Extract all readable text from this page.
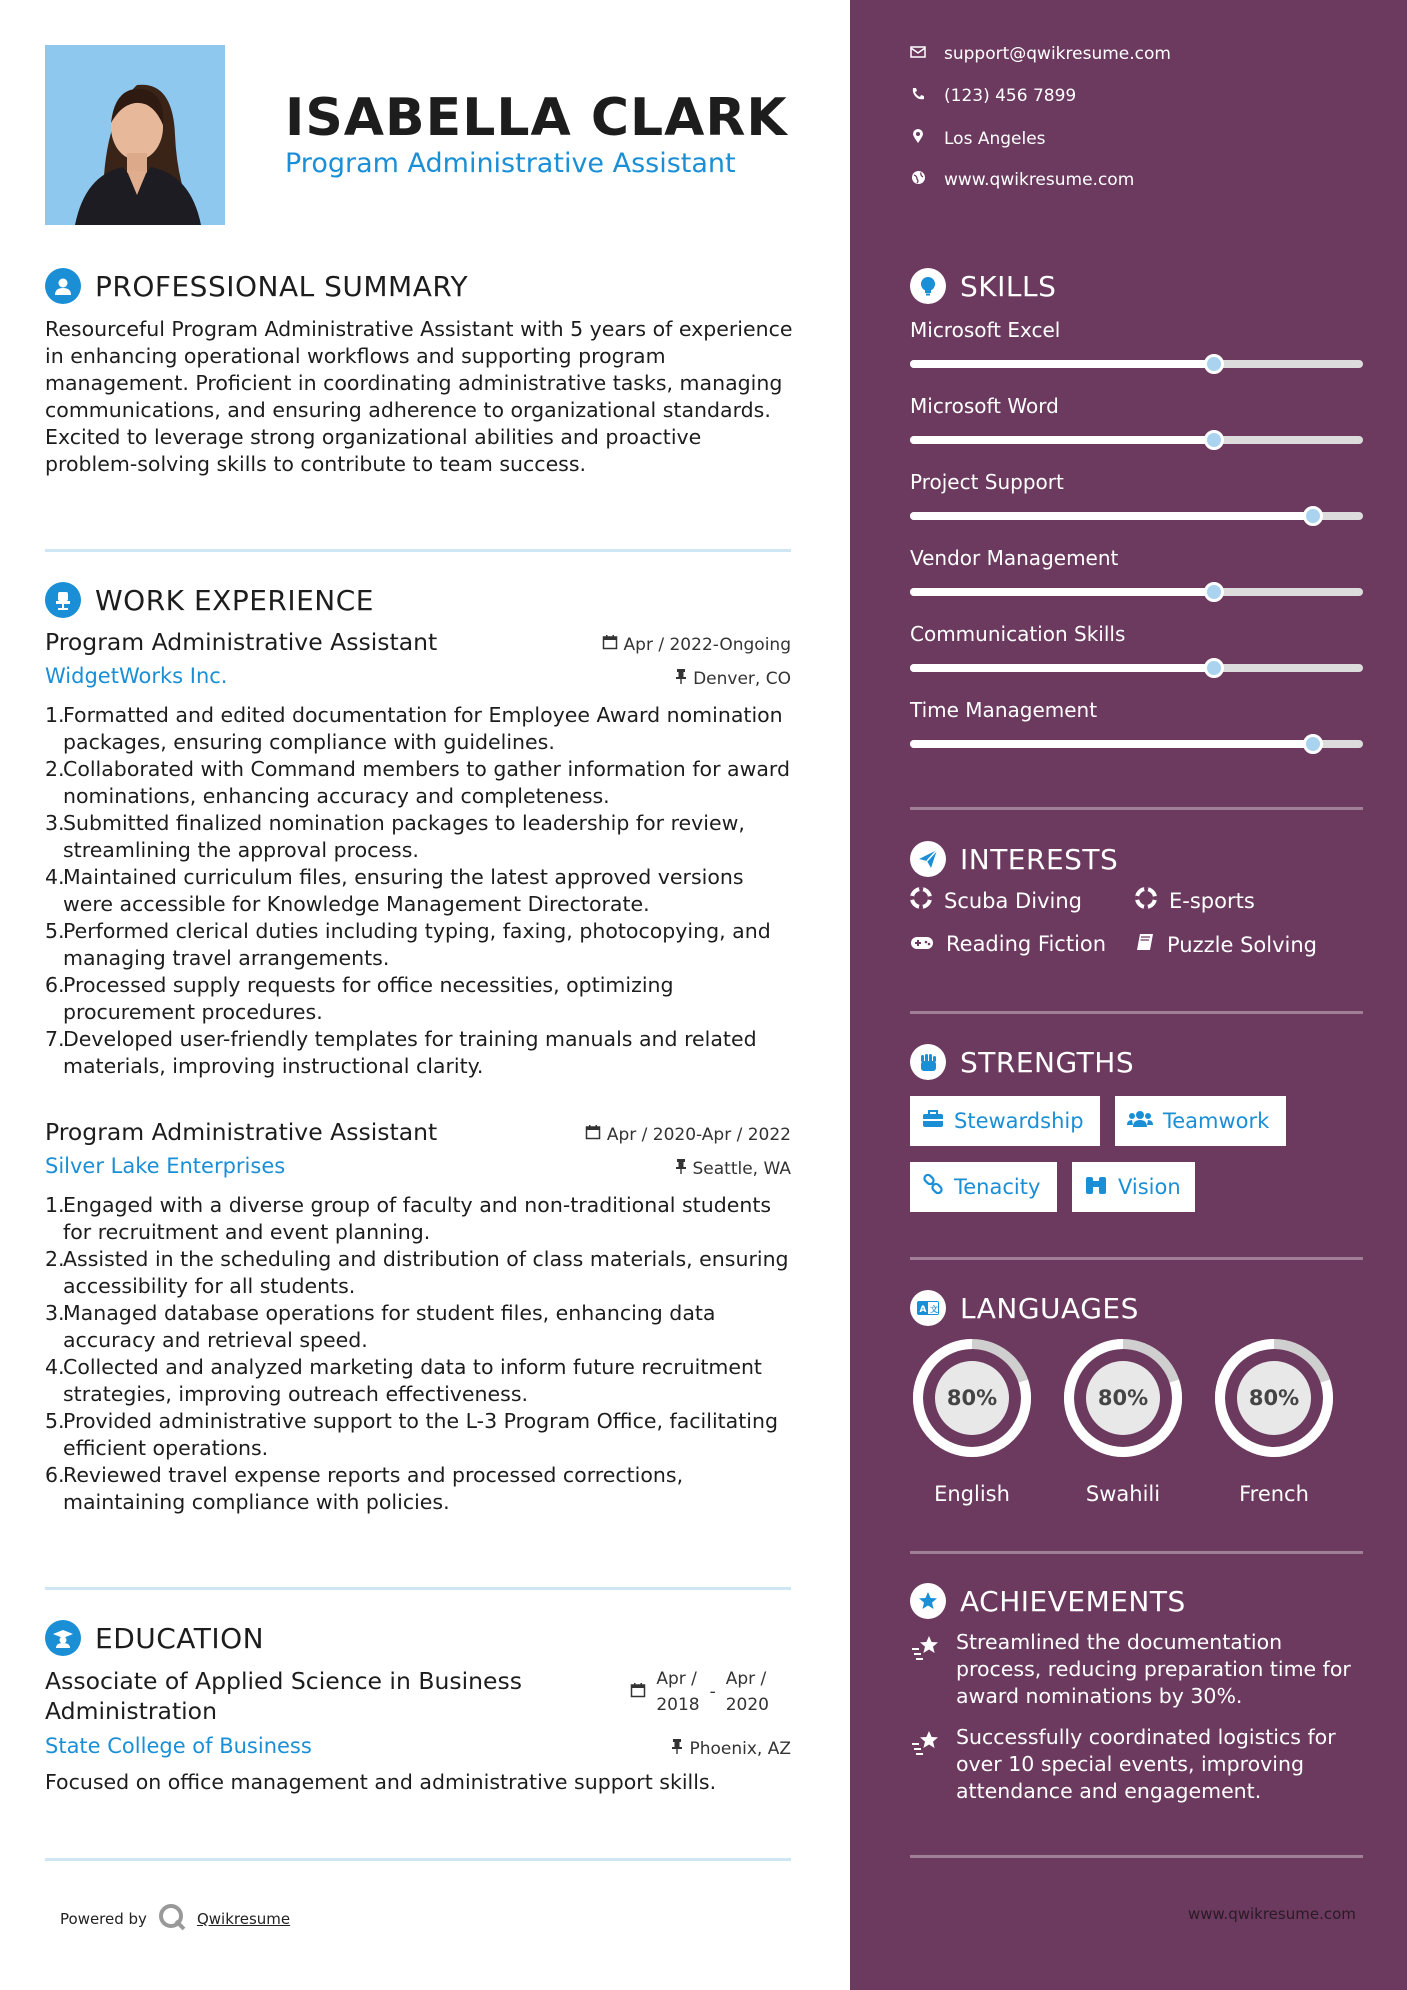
ISABELLA CLARK
Program Administrative Assistant
PROFESSIONAL SUMMARY
Resourceful Program Administrative Assistant with 5 years of experience in enhancing operational workflows and supporting program management. Proficient in coordinating administrative tasks, managing communications, and ensuring adherence to organizational standards. Excited to leverage strong organizational abilities and proactive problem-solving skills to contribute to team success.
WORK EXPERIENCE
Program Administrative Assistant
WidgetWorks Inc.
Apr / 2022-Ongoing
Denver, CO
1.
Formatted and edited documentation for Employee Award nomination packages, ensuring compliance with guidelines.
2.
Collaborated with Command members to gather information for award nominations, enhancing accuracy and completeness.
3.
Submitted finalized nomination packages to leadership for review, streamlining the approval process.
4.
Maintained curriculum files, ensuring the latest approved versions were accessible for Knowledge Management Directorate.
5.
Performed clerical duties including typing, faxing, photocopying, and managing travel arrangements.
6.
Processed supply requests for office necessities, optimizing procurement procedures.
7.
Developed user-friendly templates for training manuals and related materials, improving instructional clarity.
Program Administrative Assistant
Silver Lake Enterprises
Apr / 2020-Apr / 2022
Seattle, WA
1.
Engaged with a diverse group of faculty and non-traditional students for recruitment and event planning.
2.
Assisted in the scheduling and distribution of class materials, ensuring accessibility for all students.
3.
Managed database operations for student files, enhancing data accuracy and retrieval speed.
4.
Collected and analyzed marketing data to inform future recruitment strategies, improving outreach effectiveness.
5.
Provided administrative support to the L-3 Program Office, facilitating efficient operations.
6.
Reviewed travel expense reports and processed corrections, maintaining compliance with policies.
EDUCATION
Associate of Applied Science in Business Administration
State College of Business
Apr /
2018
-
Apr /
2020
Phoenix, AZ
Focused on office management and administrative support skills.
Powered by	Qwikresume
support@qwikresume.com
(123) 456 7899
Los Angeles
www.qwikresume.com
SKILLS
Microsoft Excel
Microsoft Word
Project Support
Vendor Management
Communication Skills
Time Management
INTERESTS
Scuba Diving	E-sports
Reading Fiction	Puzzle Solving
STRENGTHS
Stewardship	Teamwork
Tenacity	Vision
A 文 LANGUAGES
80%
English
80%
Swahili
80%
French
ACHIEVEMENTS
Streamlined the documentation process, reducing preparation time for award nominations by 30%.
Successfully coordinated logistics for over 10 special events, improving attendance and engagement.
www.qwikresume.com
